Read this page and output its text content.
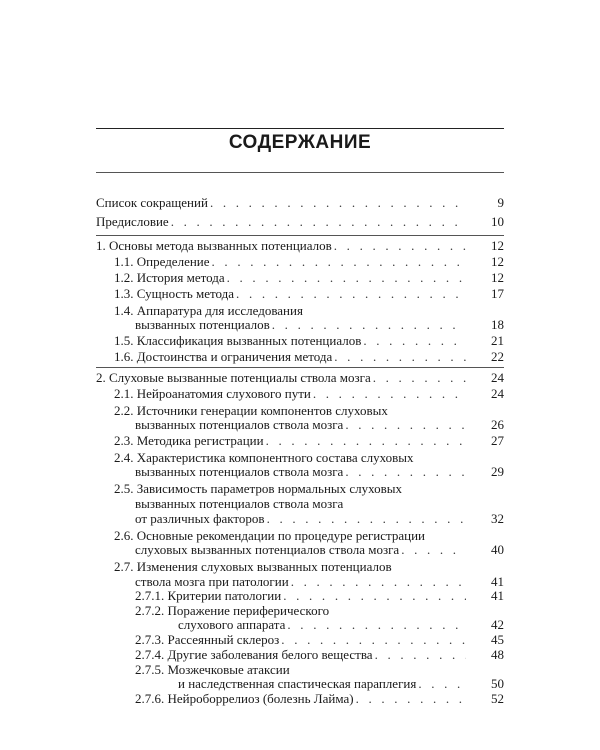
СОДЕРЖАНИЕ
Список сокращений . . .	9
Предисловие . . .	10
1. Основы метода вызванных потенциалов . . .	12
1.1. Определение . . .	12
1.2. История метода . . .	12
1.3. Сущность метода . . .	17
1.4. Аппаратура для исследования
вызванных потенциалов . . .	18
1.5. Классификация вызванных потенциалов . . .	21
1.6. Достоинства и ограничения метода . . .	22
2. Слуховые вызванные потенциалы ствола мозга . . .	24
2.1. Нейроанатомия слухового пути . . .	24
2.2. Источники генерации компонентов слуховых
вызванных потенциалов ствола мозга . . .	26
2.3. Методика регистрации . . .	27
2.4. Характеристика компонентного состава слуховых
вызванных потенциалов ствола мозга . . .	29
2.5. Зависимость параметров нормальных слуховых
вызванных потенциалов ствола мозга
от различных факторов . . .	32
2.6. Основные рекомендации по процедуре регистрации
слуховых вызванных потенциалов ствола мозга . . .	40
2.7. Изменения слуховых вызванных потенциалов
ствола мозга при патологии . . .	41
2.7.1. Критерии патологии . . .	41
2.7.2. Поражение периферического
слухового аппарата . . .	42
2.7.3. Рассеянный склероз . . .	45
2.7.4. Другие заболевания белого вещества . . .	48
2.7.5. Мозжечковые атаксии
и наследственная спастическая параплегия . . .	50
2.7.6. Нейроборрелиоз (болезнь Лайма) . . .	52
